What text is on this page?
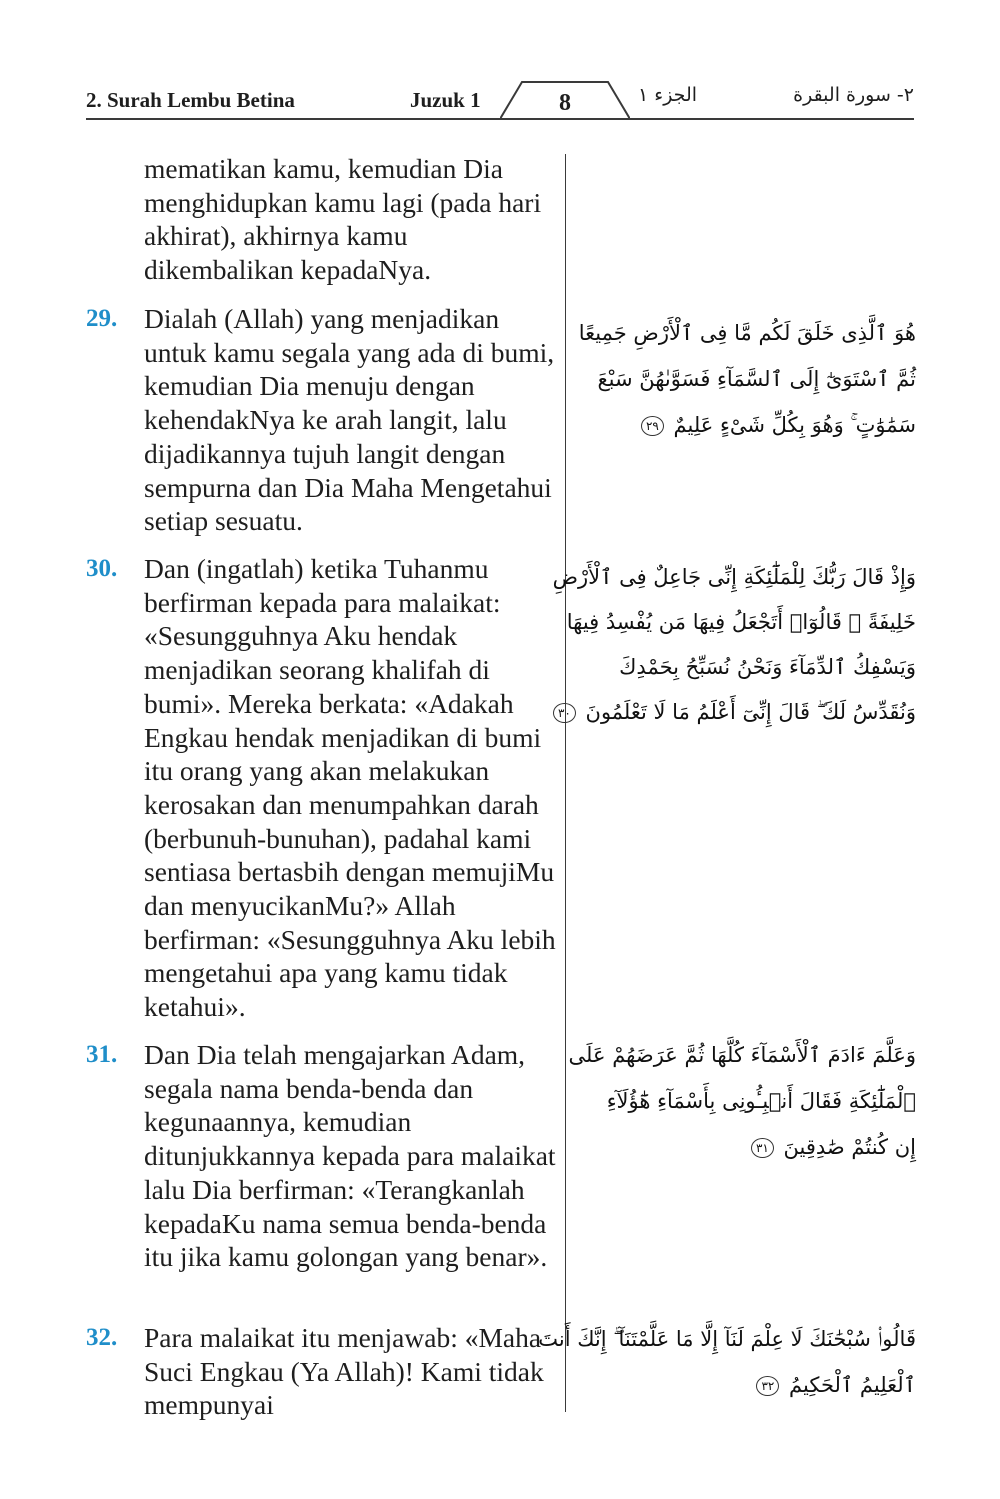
2. Surah Lembu Betina	Juzuk 1	8	الجزء ١	٢- سورة البقرة
mematikan kamu, kemudian Dia menghidupkan kamu lagi (pada hari akhirat), akhirnya kamu dikembalikan kepadaNya.
29. Dialah (Allah) yang menjadikan untuk kamu segala yang ada di bumi, kemudian Dia menuju dengan kehendakNya ke arah langit, lalu dijadikannya tujuh langit dengan sempurna dan Dia Maha Mengetahui setiap sesuatu.
هُوَ ٱلَّذِى خَلَقَ لَكُم مَّا فِى ٱلْأَرْضِ جَمِيعًا
ثُمَّ ٱسْتَوَىٰٓ إِلَى ٱلسَّمَآءِ فَسَوَّىٰهُنَّ سَبْعَ
سَمَٰوَٰتٍ ۚ وَهُوَ بِكُلِّ شَىْءٍ عَلِيمٌ ٢٩
30. Dan (ingatlah) ketika Tuhanmu berfirman kepada para malaikat: «Sesungguhnya Aku hendak menjadikan seorang khalifah di bumi». Mereka berkata: «Adakah Engkau hendak menjadikan di bumi itu orang yang akan melakukan kerosakan dan menumpahkan darah (berbunuh-bunuhan), padahal kami sentiasa bertasbih dengan memujiMu dan menyucikanMu?» Allah berfirman: «Sesungguhnya Aku lebih mengetahui apa yang kamu tidak ketahui».
وَإِذْ قَالَ رَبُّكَ لِلْمَلَٰٓئِكَةِ إِنِّى جَاعِلٌ فِى ٱلْأَرْضِ
خَلِيفَةً ۖ قَالُوٓا۟ أَتَجْعَلُ فِيهَا مَن يُفْسِدُ فِيهَا
وَيَسْفِكُ ٱلدِّمَآءَ وَنَحْنُ نُسَبِّحُ بِحَمْدِكَ
وَنُقَدِّسُ لَكَ ۖ قَالَ إِنِّىٓ أَعْلَمُ مَا لَا تَعْلَمُونَ ٣٠
31. Dan Dia telah mengajarkan Adam, segala nama benda-benda dan kegunaannya, kemudian ditunjukkannya kepada para malaikat lalu Dia berfirman: «Terangkanlah kepadaKu nama semua benda-benda itu jika kamu golongan yang benar».
وَعَلَّمَ ءَادَمَ ٱلْأَسْمَآءَ كُلَّهَا ثُمَّ عَرَضَهُمْ عَلَى
ٱلْمَلَٰٓئِكَةِ فَقَالَ أَنۢبِـُٔونِى بِأَسْمَآءِ هَٰٓؤُلَآءِ
إِن كُنتُمْ صَٰدِقِينَ ٣١
32. Para malaikat itu menjawab: «Maha Suci Engkau (Ya Allah)! Kami tidak mempunyai
قَالُوا۟ سُبْحَٰنَكَ لَا عِلْمَ لَنَآ إِلَّا مَا عَلَّمْتَنَآ ۖ إِنَّكَ أَنتَ
ٱلْعَلِيمُ ٱلْحَكِيمُ ٣٢
